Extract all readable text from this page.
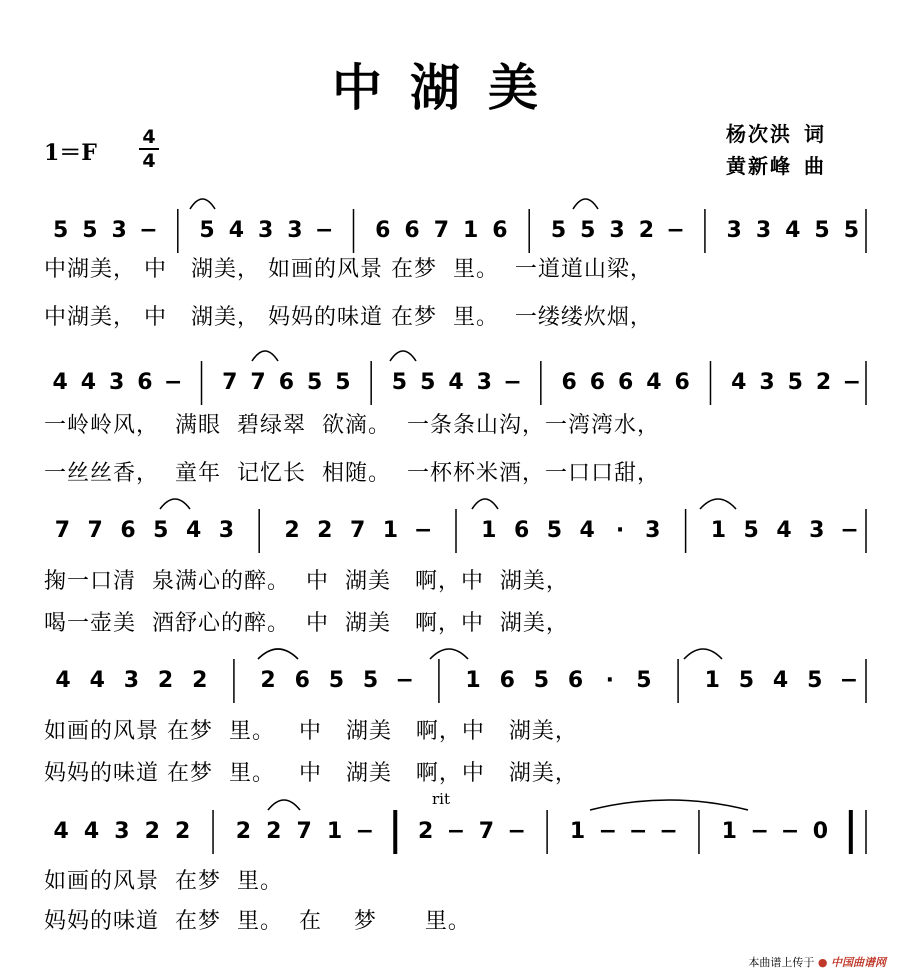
中湖美
1＝F
4
4
杨次洪 词
黄新峰 曲
5 5 3 − 5 4 3 3 − 6 6 7 1 6 5 5 3 2 − 3 3 4 5 5
4 4 3 6 − 7 7 6 5 5 5 5 4 3 − 6 6 6 4 6 4 3 5 2 −
7 7 6 5 4 3 2 2 7 1 − 1 6 5 4 · 3 1 5 4 3 −
4 4 3 2 2 2 6 5 5 − 1 6 5 6 · 5 1 5 4 5 −
4 4 3 2 2 2 2 7 1 − 2 − 7 − 1 − − − 1 − − 0
rit
中湖美， 中   湖美， 如画的风景 在梦  里。  一道道山梁，
中湖美， 中   湖美， 妈妈的味道 在梦  里。  一缕缕炊烟，
一岭岭风，  满眼  碧绿翠  欲滴。  一条条山沟，一湾湾水，
一丝丝香，  童年  记忆长  相随。  一杯杯米酒，一口口甜，
掬一口清  泉满心的醉。  中  湖美   啊，中  湖美，
喝一壶美  酒舒心的醉。  中  湖美   啊，中  湖美，
如画的风景 在梦  里。   中   湖美   啊，中   湖美，
妈妈的味道 在梦  里。   中   湖美   啊，中   湖美，
如画的风景  在梦  里。
妈妈的味道  在梦  里。  在    梦      里。
本曲谱上传于 ● 中国曲谱网
